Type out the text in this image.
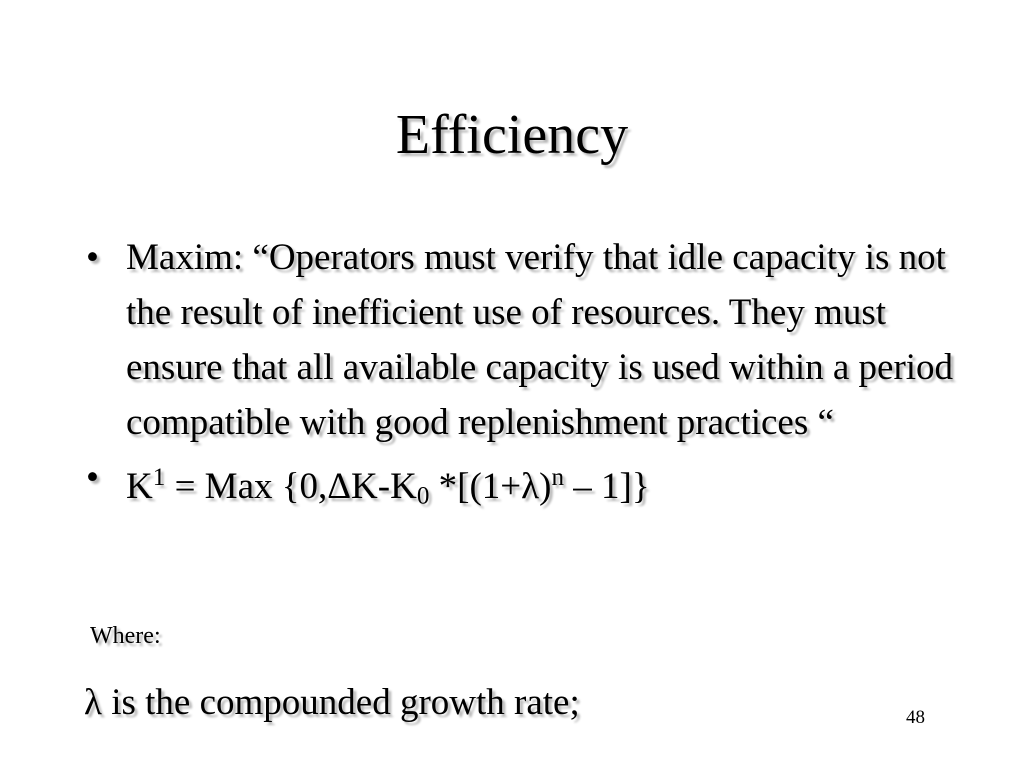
Efficiency
• Maxim: “Operators must verify that idle capacity is not the result of inefficient use of resources. They must ensure that all available capacity is used within a period compatible with good replenishment practices “
• $K^1$ = Max {0,ΔK-K0 $*[(1+\lambda)^n - 1]$}
Where:
λ is the compounded growth rate;	48
